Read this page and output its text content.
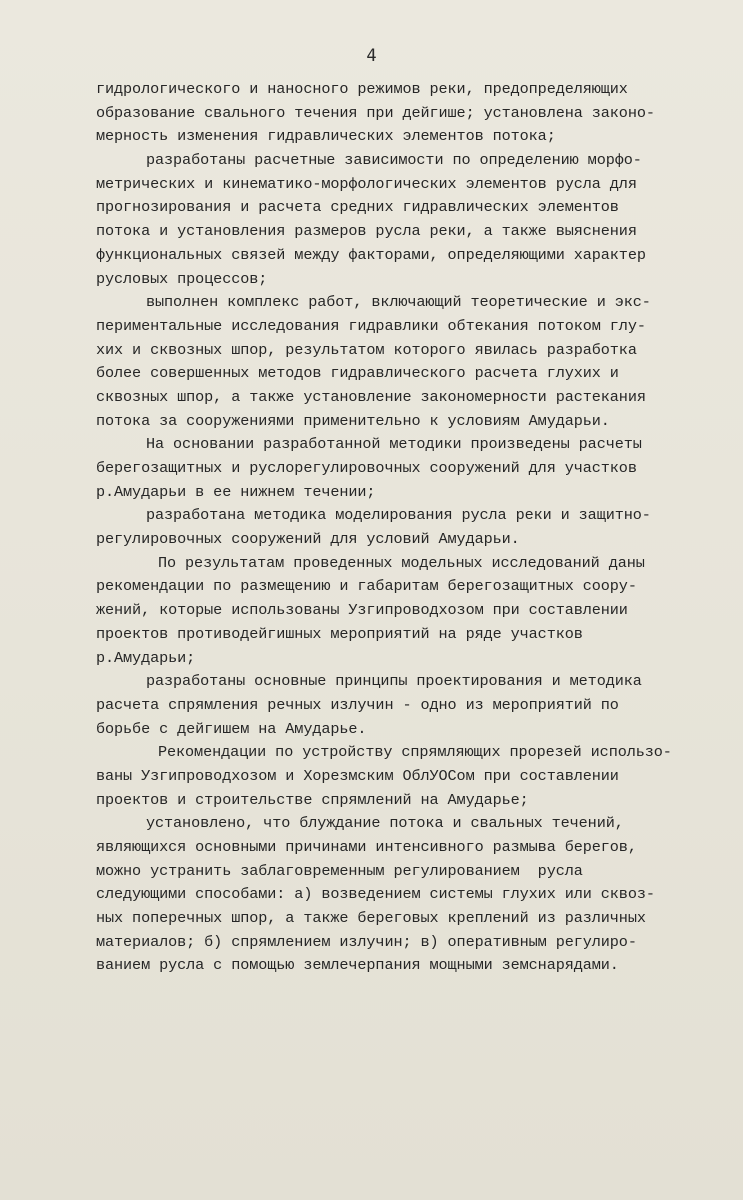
4
гидрологического и наносного режимов реки, предопределяющих
образование свального течения при дейгише; установлена законо-
мерность изменения гидравлических элементов потока;
разработаны расчетные зависимости по определению морфо-
метрических и кинематико-морфологических элементов русла для
прогнозирования и расчета средних гидравлических элементов
потока и установления размеров русла реки, а также выяснения
функциональных связей между факторами, определяющими характер
русловых процессов;
выполнен комплекс работ, включающий теоретические и экс-
периментальные исследования гидравлики обтекания потоком глу-
хих и сквозных шпор, результатом которого явилась разработка
более совершенных методов гидравлического расчета глухих и
сквозных шпор, а также установление закономерности растекания
потока за сооружениями применительно к условиям Амударьи.
На основании разработанной методики произведены расчеты
берегозащитных и руслорегулировочных сооружений для участков
р.Амударьи в ее нижнем течении;
разработана методика моделирования русла реки и защитно-
регулировочных сооружений для условий Амударьи.
По результатам проведенных модельных исследований даны
рекомендации по размещению и габаритам берегозащитных соору-
жений, которые использованы Узгипроводхозом при составлении
проектов противодейгишных мероприятий на ряде участков
р.Амударьи;
разработаны основные принципы проектирования и методика
расчета спрямления речных излучин - одно из мероприятий по
борьбе с дейгишем на Амударье.
Рекомендации по устройству спрямляющих прорезей использо-
ваны Узгипроводхозом и Хорезмским ОблУОСом при составлении
проектов и строительстве спрямлений на Амударье;
установлено, что блуждание потока и свальных течений,
являющихся основными причинами интенсивного размыва берегов,
можно устранить заблаговременным регулированием  русла
следующими способами: а) возведением системы глухих или сквоз-
ных поперечных шпор, а также береговых креплений из различных
материалов; б) спрямлением излучин; в) оперативным регулиро-
ванием русла с помощью землечерпания мощными земснарядами.
